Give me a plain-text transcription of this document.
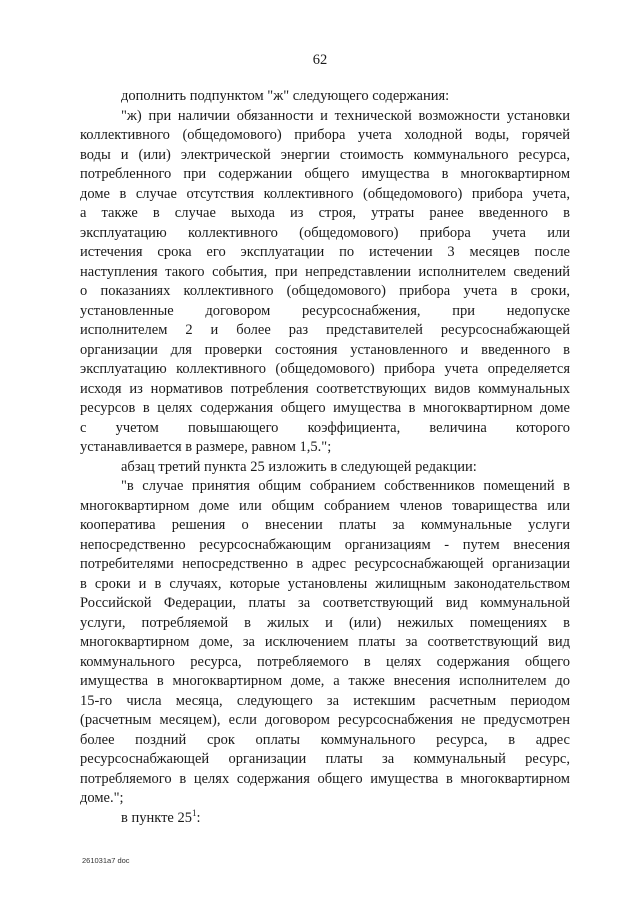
62
дополнить подпунктом "ж" следующего содержания:
"ж) при наличии обязанности и технической возможности установки
коллективного (общедомового) прибора учета холодной воды, горячей
воды и (или) электрической энергии стоимость коммунального ресурса,
потребленного при содержании общего имущества в многоквартирном
доме в случае отсутствия коллективного (общедомового) прибора учета,
а также в случае выхода из строя, утраты ранее введенного в
эксплуатацию коллективного (общедомового) прибора учета или
истечения срока его эксплуатации по истечении 3 месяцев после
наступления такого события, при непредставлении исполнителем сведений
о показаниях коллективного (общедомового) прибора учета в сроки,
установленные договором ресурсоснабжения, при недопуске
исполнителем 2 и более раз представителей ресурсоснабжающей
организации для проверки состояния установленного и введенного в
эксплуатацию коллективного (общедомового) прибора учета определяется
исходя из нормативов потребления соответствующих видов коммунальных
ресурсов в целях содержания общего имущества в многоквартирном доме
с учетом повышающего коэффициента, величина которого
устанавливается в размере, равном 1,5.";
абзац третий пункта 25 изложить в следующей редакции:
"в случае принятия общим собранием собственников помещений в
многоквартирном доме или общим собранием членов товарищества или
кооператива решения о внесении платы за коммунальные услуги
непосредственно ресурсоснабжающим организациям - путем внесения
потребителями непосредственно в адрес ресурсоснабжающей организации
в сроки и в случаях, которые установлены жилищным законодательством
Российской Федерации, платы за соответствующий вид коммунальной
услуги, потребляемой в жилых и (или) нежилых помещениях в
многоквартирном доме, за исключением платы за соответствующий вид
коммунального ресурса, потребляемого в целях содержания общего
имущества в многоквартирном доме, а также внесения исполнителем до
15-го числа месяца, следующего за истекшим расчетным периодом
(расчетным месяцем), если договором ресурсоснабжения не предусмотрен
более поздний срок оплаты коммунального ресурса, в адрес
ресурсоснабжающей организации платы за коммунальный ресурс,
потребляемого в целях содержания общего имущества в многоквартирном
доме.";
в пункте $25^1$:
261031a7 doc
